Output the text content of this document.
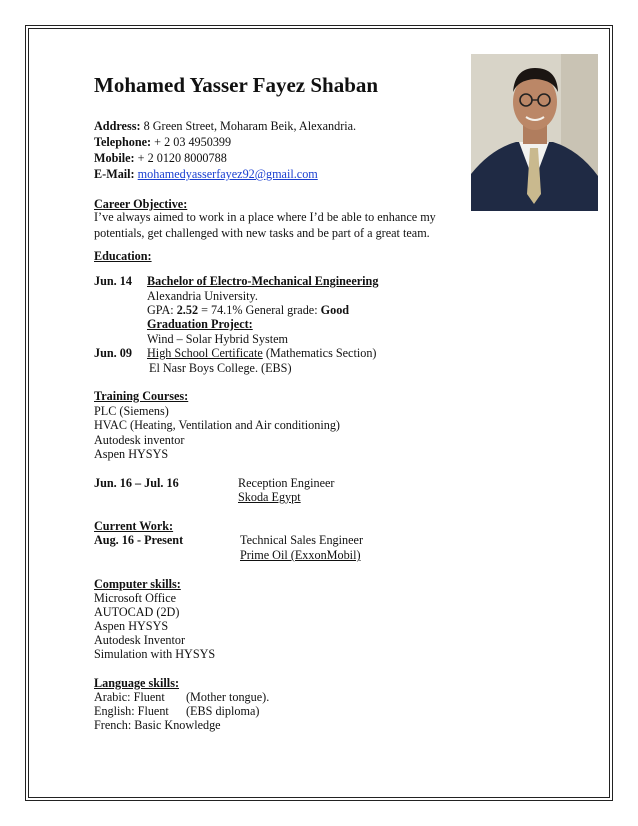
Mohamed Yasser Fayez Shaban
Address: 8 Green Street, Moharam Beik, Alexandria.
Telephone: + 2 03 4950399
Mobile: + 2 0120 8000788
E-Mail: mohamedyasserfayez92@gmail.com
Career Objective:
I’ve always aimed to work in a place where I’d be able to enhance my
potentials, get challenged with new tasks and be part of a great team.
Education:
Jun. 14 Bachelor of Electro-Mechanical Engineering
Alexandria University.
GPA: 2.52 = 74.1% General grade: Good
Graduation Project:
Wind – Solar Hybrid System
Jun. 09 High School Certificate (Mathematics Section)
El Nasr Boys College. (EBS)
Training Courses:
PLC (Siemens)
HVAC (Heating, Ventilation and Air conditioning)
Autodesk inventor
Aspen HYSYS
Jun. 16 – Jul. 16	Reception Engineer
Skoda Egypt
Current Work:
Aug. 16 - Present	Technical Sales Engineer
Prime Oil (ExxonMobil)
Computer skills:
Microsoft Office
AUTOCAD (2D)
Aspen HYSYS
Autodesk Inventor
Simulation with HYSYS
Language skills:
Arabic: Fluent (Mother tongue).
English: Fluent (EBS diploma)
French: Basic Knowledge
